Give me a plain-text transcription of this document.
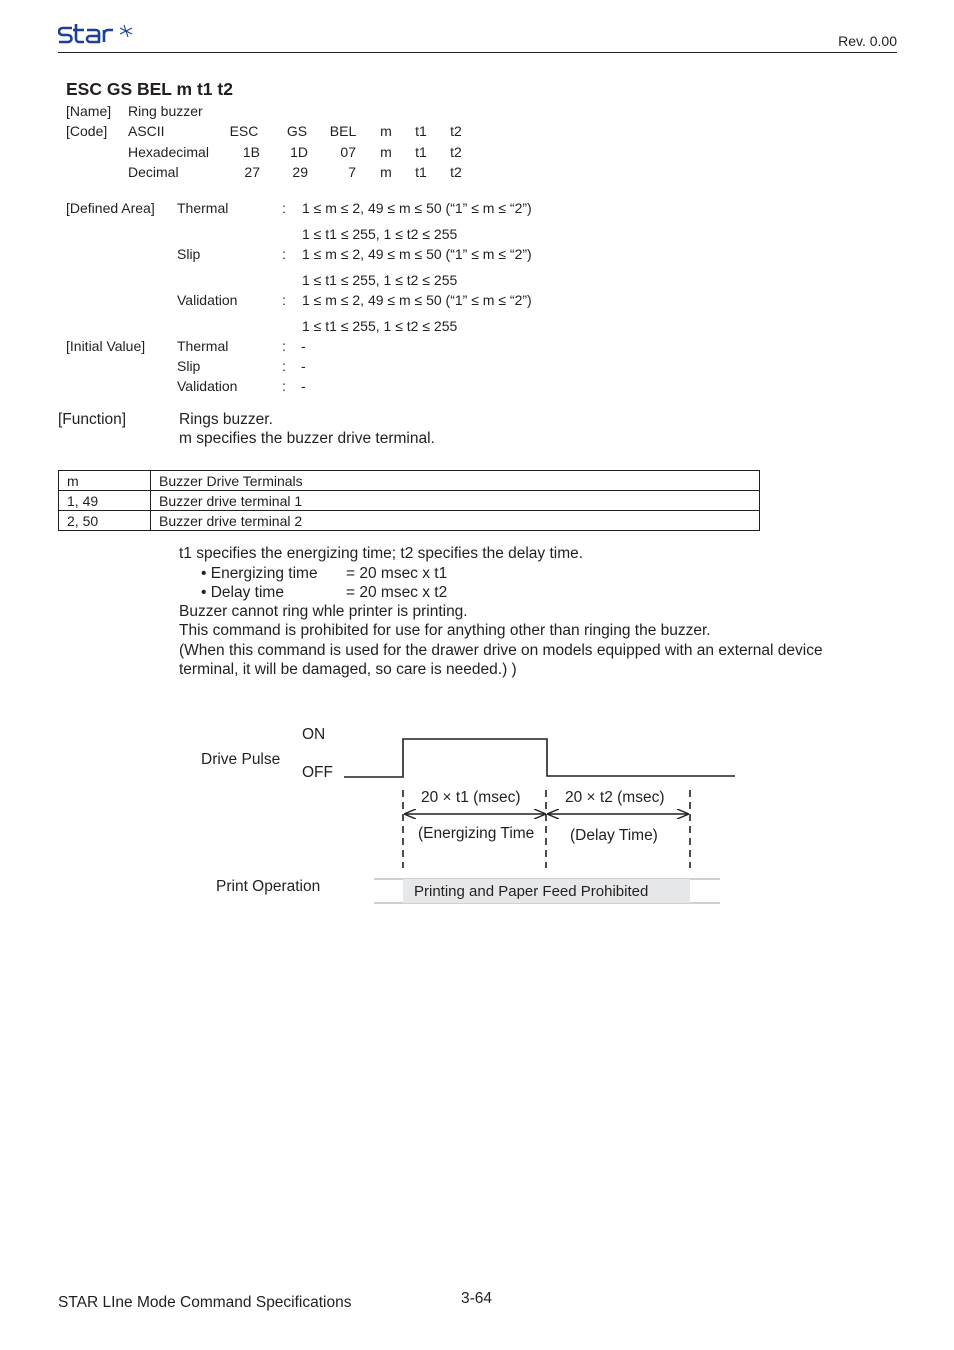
Rev. 0.00
ESC GS BEL m t1 t2
[Name] Ring buzzer
[Code] ASCII	ESC	GS	BEL	m	t1	t2
Hexadecimal	1B	1D	07	m	t1	t2
Decimal	27	29	7	m	t1	t2
[Defined Area] Thermal	: 1 ≤ m ≤ 2, 49 ≤ m ≤ 50 (“1” ≤ m ≤ “2”)
1 ≤ t1 ≤ 255, 1 ≤ t2 ≤ 255
Slip	: 1 ≤ m ≤ 2, 49 ≤ m ≤ 50 (“1” ≤ m ≤ “2”)
1 ≤ t1 ≤ 255, 1 ≤ t2 ≤ 255
Validation	: 1 ≤ m ≤ 2, 49 ≤ m ≤ 50 (“1” ≤ m ≤ “2”)
1 ≤ t1 ≤ 255, 1 ≤ t2 ≤ 255
[Initial Value] Thermal	: -
Slip	: -
Validation	: -
[Function]	Rings buzzer.
m specifies the buzzer drive terminal.
m	Buzzer Drive Terminals
1, 49	Buzzer drive terminal 1
2, 50	Buzzer drive terminal 2
t1 specifies the energizing time; t2 specifies the delay time.
• Energizing time = 20 msec x t1
• Delay time	= 20 msec x t2
Buzzer cannot ring whle printer is printing.
This command is prohibited for use for anything other than ringing the buzzer.
(When this command is used for the drawer drive on models equipped with an external device
terminal, it will be damaged, so care is needed.) )
ON
Drive Pulse
OFF
20 × t1 (msec)	20 × t2 (msec)
(Energizing Time	(Delay Time)
Print Operation	Printing and Paper Feed Prohibited
STAR LIne Mode Command Specifications	3-64
